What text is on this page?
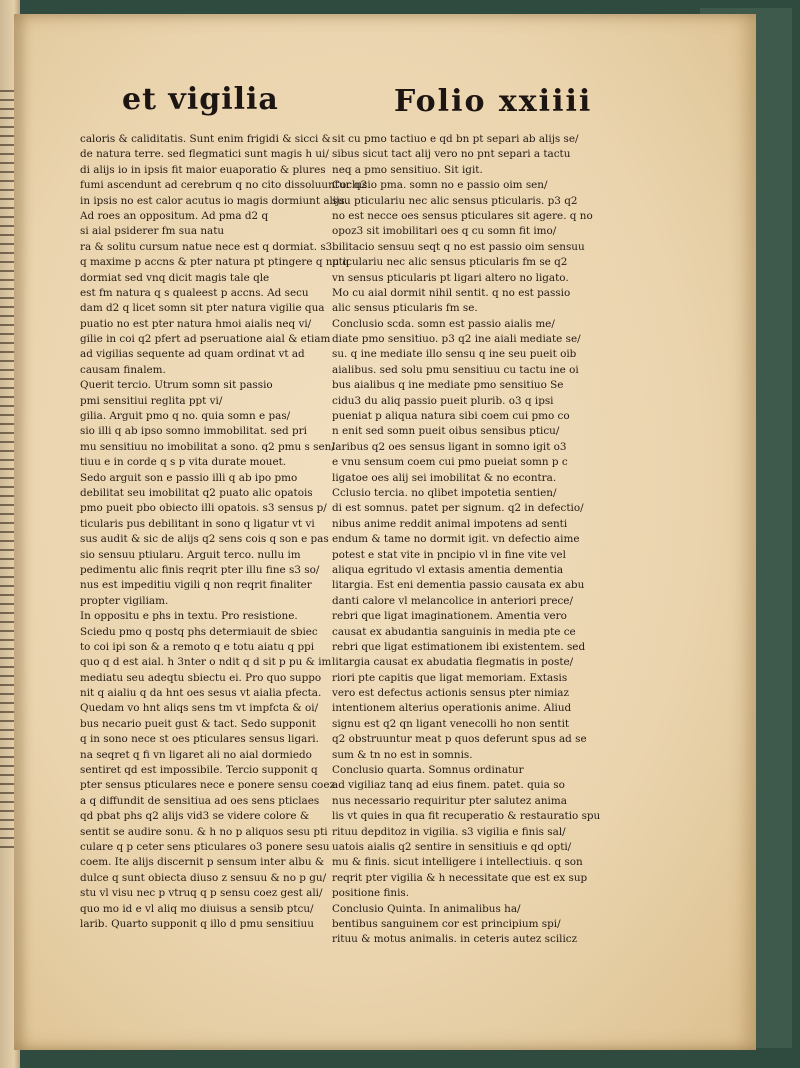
et vigilia	Folio xxiiii
caloris & caliditatis. Sunt enim frigidi & sicci &
de natura terre. sed flegmatici sunt magis h ui/
di alijs io in ipsis fit maior euaporatio & plures
fumi ascendunt ad cerebrum q no cito dissoluuntur q2
in ipsis no est calor acutus io magis dormiunt alijs.
Ad roes an oppositum. Ad pma d2 q
si aial psiderer fm sua natu
ra & solitu cursum natue nece est q dormiat. s3
q maxime p accns & pter natura pt ptingere q nu q
dormiat sed vnq dicit magis tale qle
est fm natura q s qualeest p accns. Ad secu
dam d2 q licet somn sit pter natura vigilie qua
puatio no est pter natura hmoi aialis neq vi/
gilie in coi q2 pfert ad pseruatione aial & etiam
ad vigilias sequente ad quam ordinat vt ad
causam finalem.
Querit tercio. Utrum somn sit passio
pmi sensitiui reglita ppt vi/
gilia. Arguit pmo q no. quia somn e pas/
sio illi q ab ipso somno immobilitat. sed pri
mu sensitiuu no imobilitat a sono. q2 pmu s sen/
tiuu e in corde q s p vita durate mouet.
Sedo arguit son e passio illi q ab ipo pmo
debilitat seu imobilitat q2 puato alic opatois
pmo pueit pbo obiecto illi opatois. s3 sensus p/
ticularis pus debilitant in sono q ligatur vt vi
sus audit & sic de alijs q2 sens cois q son e pas
sio sensuu ptiularu. Arguit terco. nullu im
pedimentu alic finis reqrit pter illu fine s3 so/
nus est impeditiu vigili q non reqrit finaliter
propter vigiliam.
In oppositu e phs in textu. Pro resistione.
Sciedu pmo q postq phs determiauit de sbiec
to coi ipi son & a remoto q e totu aiatu q ppi
quo q d est aial. h 3nter o ndit q d sit p pu & im
mediatu seu adeqtu sbiectu ei. Pro quo suppo
nit q aialiu q da hnt oes sesus vt aialia pfecta.
Quedam vo hnt aliqs sens tm vt impfcta & oi/
bus necario pueit gust & tact. Sedo supponit
q in sono nece st oes pticulares sensus ligari.
na seqret q fi vn ligaret ali no aial dormiedo
sentiret qd est impossibile. Tercio supponit q
pter sensus pticulares nece e ponere sensu coez
a q diffundit de sensitiua ad oes sens pticlaes
qd pbat phs q2 alijs vid3 se videre colore &
sentit se audire sonu. & h no p aliquos sesu pti
culare q p ceter sens pticulares o3 ponere sesu
coem. Ite alijs discernit p sensum inter albu &
dulce q sunt obiecta diuso z sensuu & no p gu/
stu vl visu nec p vtruq q p sensu coez gest ali/
quo mo id e vl aliq mo diuisus a sensib ptcu/
larib. Quarto supponit q illo d pmu sensitiuu
sit cu pmo tactiuo e qd bn pt separi ab alijs se/
sibus sicut tact alij vero no pnt separi a tactu
neq a pmo sensitiuo. Sit igit.
Coclusio pma. somn no e passio oim sen/
suu pticulariu nec alic sensus pticularis. p3 q2
no est necce oes sensus pticulares sit agere. q no
opoz3 sit imobilitari oes q cu somn fit imo/
bilitacio sensuu seqt q no est passio oim sensuu
pticulariu nec alic sensus pticularis fm se q2
vn sensus pticularis pt ligari altero no ligato.
Mo cu aial dormit nihil sentit. q no est passio
alic sensus pticularis fm se.
Conclusio scda. somn est passio aialis me/
diate pmo sensitiuo. p3 q2 ine aiali mediate se/
su. q ine mediate illo sensu q ine seu pueit oib
aialibus. sed solu pmu sensitiuu cu tactu ine oi
bus aialibus q ine mediate pmo sensitiuo Se
cidu3 du aliq passio pueit plurib. o3 q ipsi
pueniat p aliqua natura sibi coem cui pmo co
n enit sed somn pueit oibus sensibus pticu/
laribus q2 oes sensus ligant in somno igit o3
e vnu sensum coem cui pmo pueiat somn p c
ligatoe oes alij sei imobilitat & no econtra.
Cclusio tercia. no qlibet impotetia sentien/
di est somnus. patet per signum. q2 in defectio/
nibus anime reddit animal impotens ad senti
endum & tame no dormit igit. vn defectio aime
potest e stat vite in pncipio vl in fine vite vel
aliqua egritudo vl extasis amentia dementia
litargia. Est eni dementia passio causata ex abu
danti calore vl melancolice in anteriori prece/
rebri que ligat imaginationem. Amentia vero
causat ex abudantia sanguinis in media pte ce
rebri que ligat estimationem ibi existentem. sed
litargia causat ex abudatia flegmatis in poste/
riori pte capitis que ligat memoriam. Extasis
vero est defectus actionis sensus pter nimiaz
intentionem alterius operationis anime. Aliud
signu est q2 qn ligant venecolli ho non sentit
q2 obstruuntur meat p quos deferunt spus ad se
sum & tn no est in somnis.
Conclusio quarta. Somnus ordinatur
ad vigiliaz tanq ad eius finem. patet. quia so
nus necessario requiritur pter salutez anima
lis vt quies in qua fit recuperatio & restauratio spu
rituu depditoz in vigilia. s3 vigilia e finis sal/
uatois aialis q2 sentire in sensitiuis e qd opti/
mu & finis. sicut intelligere i intellectiuis. q son
reqrit pter vigilia & h necessitate que est ex sup
positione finis.
Conclusio Quinta. In animalibus ha/
bentibus sanguinem cor est principium spi/
rituu & motus animalis. in ceteris autez scilicz
